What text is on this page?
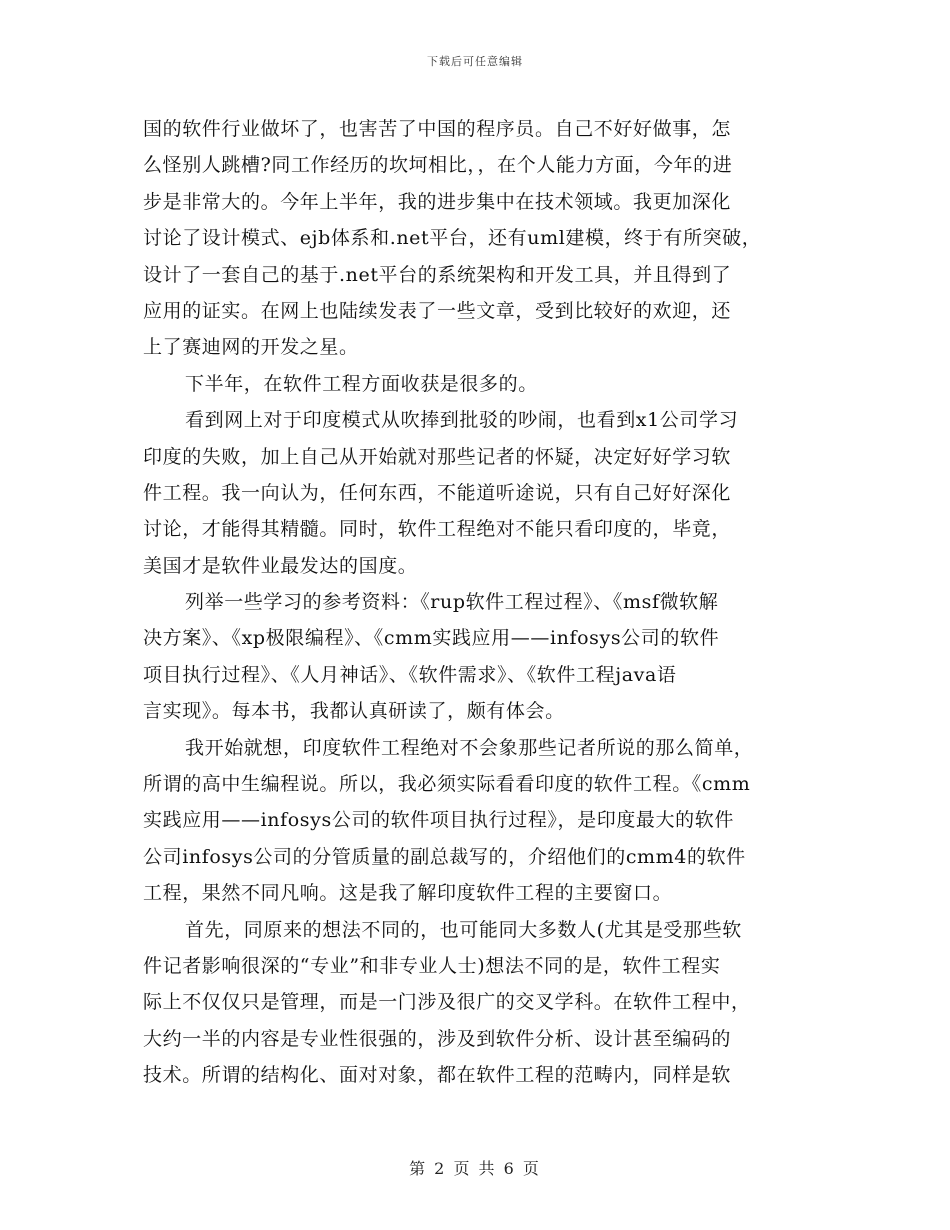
下载后可任意编辑
国的软件行业做坏了，也害苦了中国的程序员。自己不好好做事，怎
么怪别人跳槽?同工作经历的坎坷相比，，在个人能力方面，今年的进
步是非常大的。今年上半年，我的进步集中在技术领域。我更加深化
讨论了设计模式、ejb体系和.net平台，还有uml建模，终于有所突破，
设计了一套自己的基于.net平台的系统架构和开发工具，并且得到了
应用的证实。在网上也陆续发表了一些文章，受到比较好的欢迎，还
上了赛迪网的开发之星。
下半年，在软件工程方面收获是很多的。
看到网上对于印度模式从吹捧到批驳的吵闹，也看到x1公司学习
印度的失败，加上自己从开始就对那些记者的怀疑，决定好好学习软
件工程。我一向认为，任何东西，不能道听途说，只有自己好好深化
讨论，才能得其精髓。同时，软件工程绝对不能只看印度的，毕竟，
美国才是软件业最发达的国度。
列举一些学习的参考资料：《rup软件工程过程》、《msf微软解
决方案》、《xp极限编程》、《cmm实践应用——infosys公司的软件
项目执行过程》、《人月神话》、《软件需求》、《软件工程java语
言实现》。每本书，我都认真研读了，颇有体会。
我开始就想，印度软件工程绝对不会象那些记者所说的那么简单，
所谓的高中生编程说。所以，我必须实际看看印度的软件工程。《cmm
实践应用——infosys公司的软件项目执行过程》，是印度最大的软件
公司infosys公司的分管质量的副总裁写的，介绍他们的cmm4的软件
工程，果然不同凡响。这是我了解印度软件工程的主要窗口。
首先，同原来的想法不同的，也可能同大多数人(尤其是受那些软
件记者影响很深的“专业”和非专业人士)想法不同的是，软件工程实
际上不仅仅只是管理，而是一门涉及很广的交叉学科。在软件工程中，
大约一半的内容是专业性很强的，涉及到软件分析、设计甚至编码的
技术。所谓的结构化、面对对象，都在软件工程的范畴内，同样是软
第 2 页 共 6 页
